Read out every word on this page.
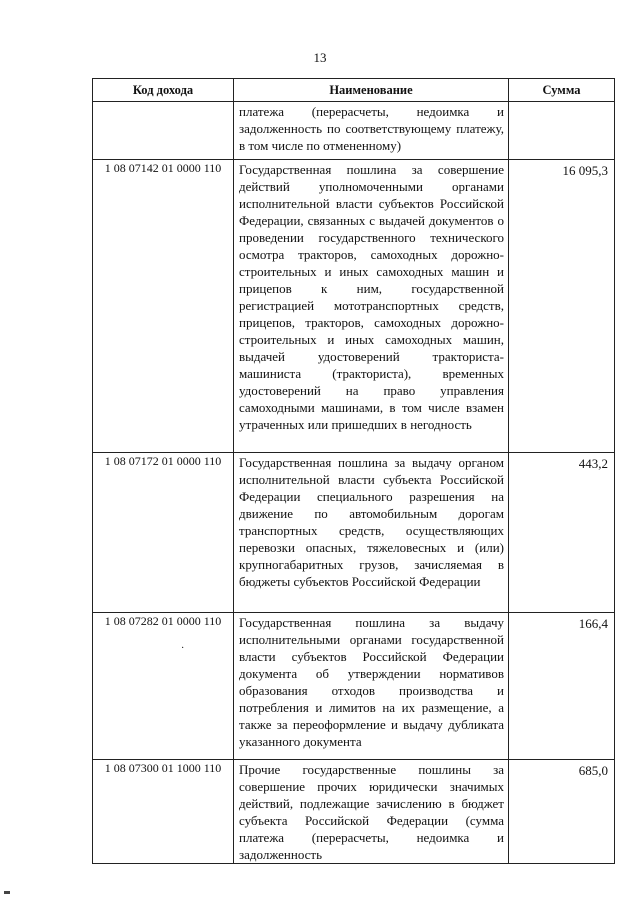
13
Код дохода	Наименование	Сумма
	платежа (перерасчеты, недоимка и задолженность по соответствующему платежу, в том числе по отмененному)	
1 08 07142 01 0000 110	Государственная пошлина за совершение действий уполномоченными органами исполнительной власти субъектов Российской Федерации, связанных с выдачей документов о проведении государственного технического осмотра тракторов, самоходных дорожно-строительных и иных самоходных машин и прицепов к ним, государственной регистрацией мототранспортных средств, прицепов, тракторов, самоходных дорожно-строительных и иных самоходных машин, выдачей удостоверений тракториста-машиниста (тракториста), временных удостоверений на право управления самоходными машинами, в том числе взамен утраченных или пришедших в негодность	16 095,3
1 08 07172 01 0000 110	Государственная пошлина за выдачу органом исполнительной власти субъекта Российской Федерации специального разрешения на движение по автомобильным дорогам транспортных средств, осуществляющих перевозки опасных, тяжеловесных и (или) крупногабаритных грузов, зачисляемая в бюджеты субъектов Российской Федерации	443,2
1 08 07282 01 0000 110	Государственная пошлина за выдачу исполнительными органами государственной власти субъектов Российской Федерации документа об утверждении нормативов образования отходов производства и потребления и лимитов на их размещение, а также за переоформление и выдачу дубликата указанного документа	166,4
1 08 07300 01 1000 110	Прочие государственные пошлины за совершение прочих юридически значимых действий, подлежащие зачислению в бюджет субъекта Российской Федерации (сумма платежа (перерасчеты, недоимка и задолженность	685,0
·
